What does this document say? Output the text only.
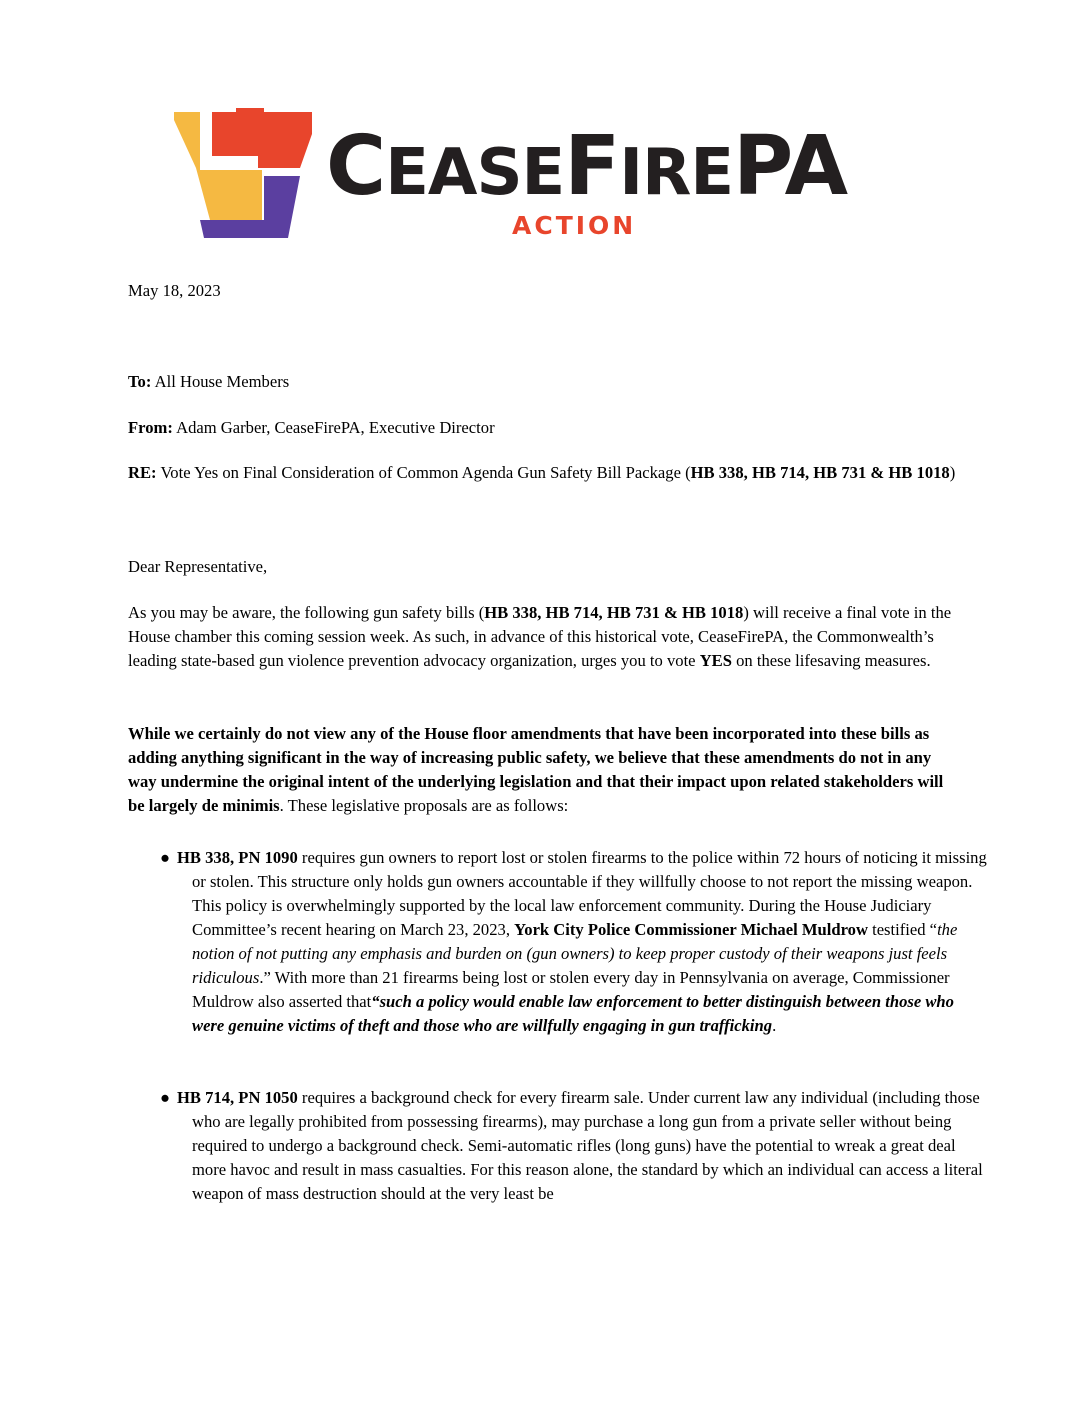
CEASEFIREPA
ACTION
May 18, 2023
To: All House Members
From: Adam Garber, CeaseFirePA, Executive Director
RE: Vote Yes on Final Consideration of Common Agenda Gun Safety Bill Package (HB 338, HB 714, HB 731 & HB 1018)
Dear Representative,
As you may be aware, the following gun safety bills (HB 338, HB 714, HB 731 & HB 1018) will receive a final vote in the House chamber this coming session week. As such, in advance of this historical vote, CeaseFirePA, the Commonwealth’s leading state-based gun violence prevention advocacy organization, urges you to vote YES on these lifesaving measures.
While we certainly do not view any of the House floor amendments that have been incorporated into these bills as adding anything significant in the way of increasing public safety, we believe that these amendments do not in any way undermine the original intent of the underlying legislation and that their impact upon related stakeholders will be largely de minimis. These legislative proposals are as follows:
● HB 338, PN 1090 requires gun owners to report lost or stolen firearms to the police within 72 hours of noticing it missing or stolen. This structure only holds gun owners accountable if they willfully choose to not report the missing weapon. This policy is overwhelmingly supported by the local law enforcement community. During the House Judiciary Committee’s recent hearing on March 23, 2023, York City Police Commissioner Michael Muldrow testified “the notion of not putting any emphasis and burden on (gun owners) to keep proper custody of their weapons just feels ridiculous.” With more than 21 firearms being lost or stolen every day in Pennsylvania on average, Commissioner Muldrow also asserted that“such a policy would enable law enforcement to better distinguish between those who were genuine victims of theft and those who are willfully engaging in gun trafficking.
● HB 714, PN 1050 requires a background check for every firearm sale. Under current law any individual (including those who are legally prohibited from possessing firearms), may purchase a long gun from a private seller without being required to undergo a background check. Semi-automatic rifles (long guns) have the potential to wreak a great deal more havoc and result in mass casualties. For this reason alone, the standard by which an individual can access a literal weapon of mass destruction should at the very least be
